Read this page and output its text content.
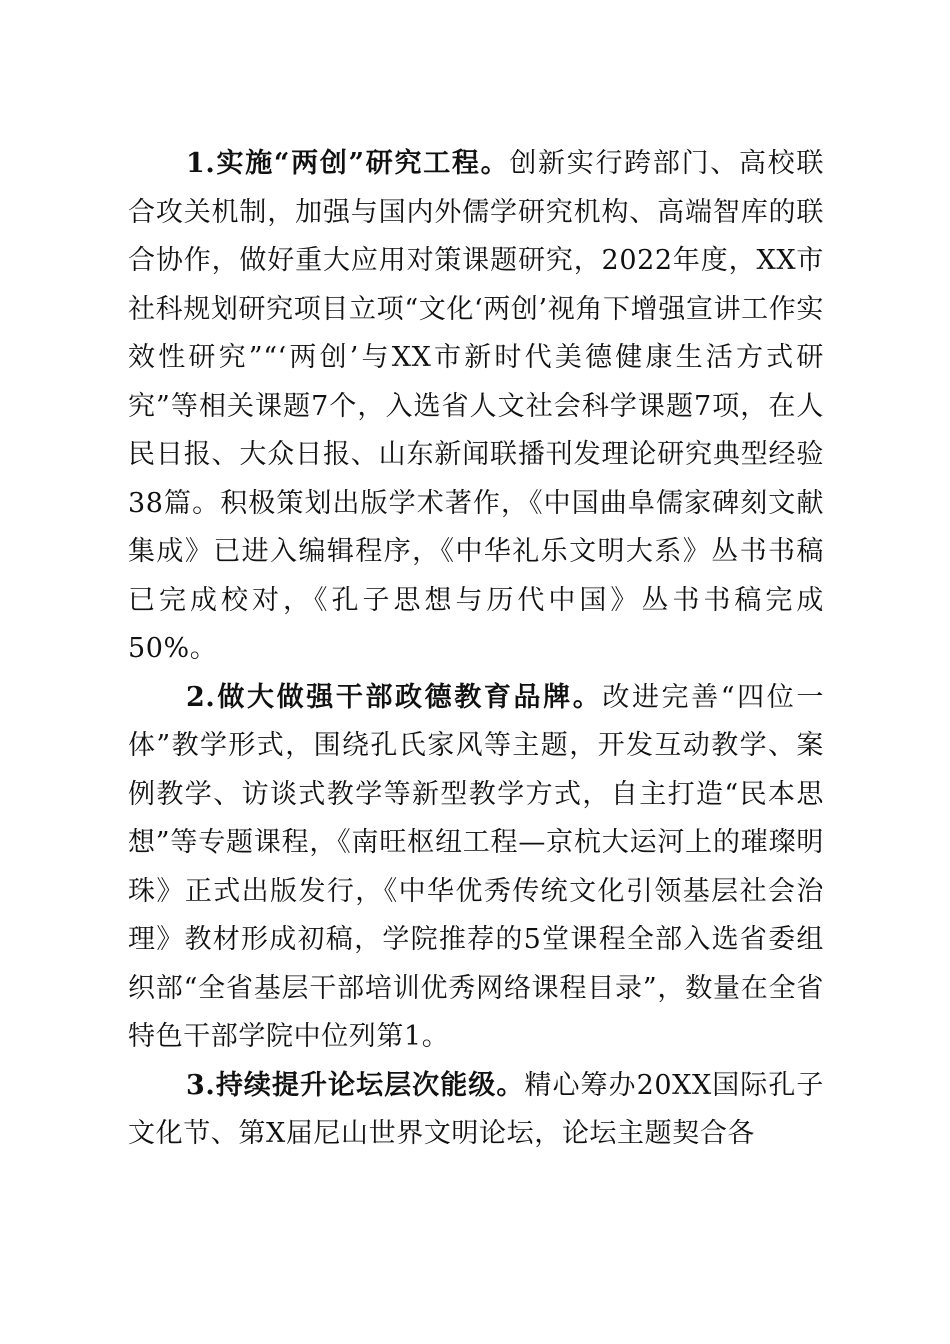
1.实施“两创”研究工程。创新实行跨部门、高校联合攻关机制，加强与国内外儒学研究机构、高端智库的联合协作，做好重大应用对策课题研究，2022年度，XX市社科规划研究项目立项“文化‘两创’视角下增强宣讲工作实效性研究”“‘两创’与XX市新时代美德健康生活方式研究”等相关课题7个，入选省人文社会科学课题7项，在人民日报、大众日报、山东新闻联播刊发理论研究典型经验38篇。积极策划出版学术著作，《中国曲阜儒家碑刻文献集成》已进入编辑程序，《中华礼乐文明大系》丛书书稿已完成校对，《孔子思想与历代中国》丛书书稿完成50%。

2.做大做强干部政德教育品牌。改进完善“四位一体”教学形式，围绕孔氏家风等主题，开发互动教学、案例教学、访谈式教学等新型教学方式，自主打造“民本思想”等专题课程，《南旺枢纽工程—京杭大运河上的璀璨明珠》正式出版发行，《中华优秀传统文化引领基层社会治理》教材形成初稿，学院推荐的5堂课程全部入选省委组织部“全省基层干部培训优秀网络课程目录”，数量在全省特色干部学院中位列第1。

3.持续提升论坛层次能级。精心筹办20XX国际孔子文化节、第X届尼山世界文明论坛，论坛主题契合各
